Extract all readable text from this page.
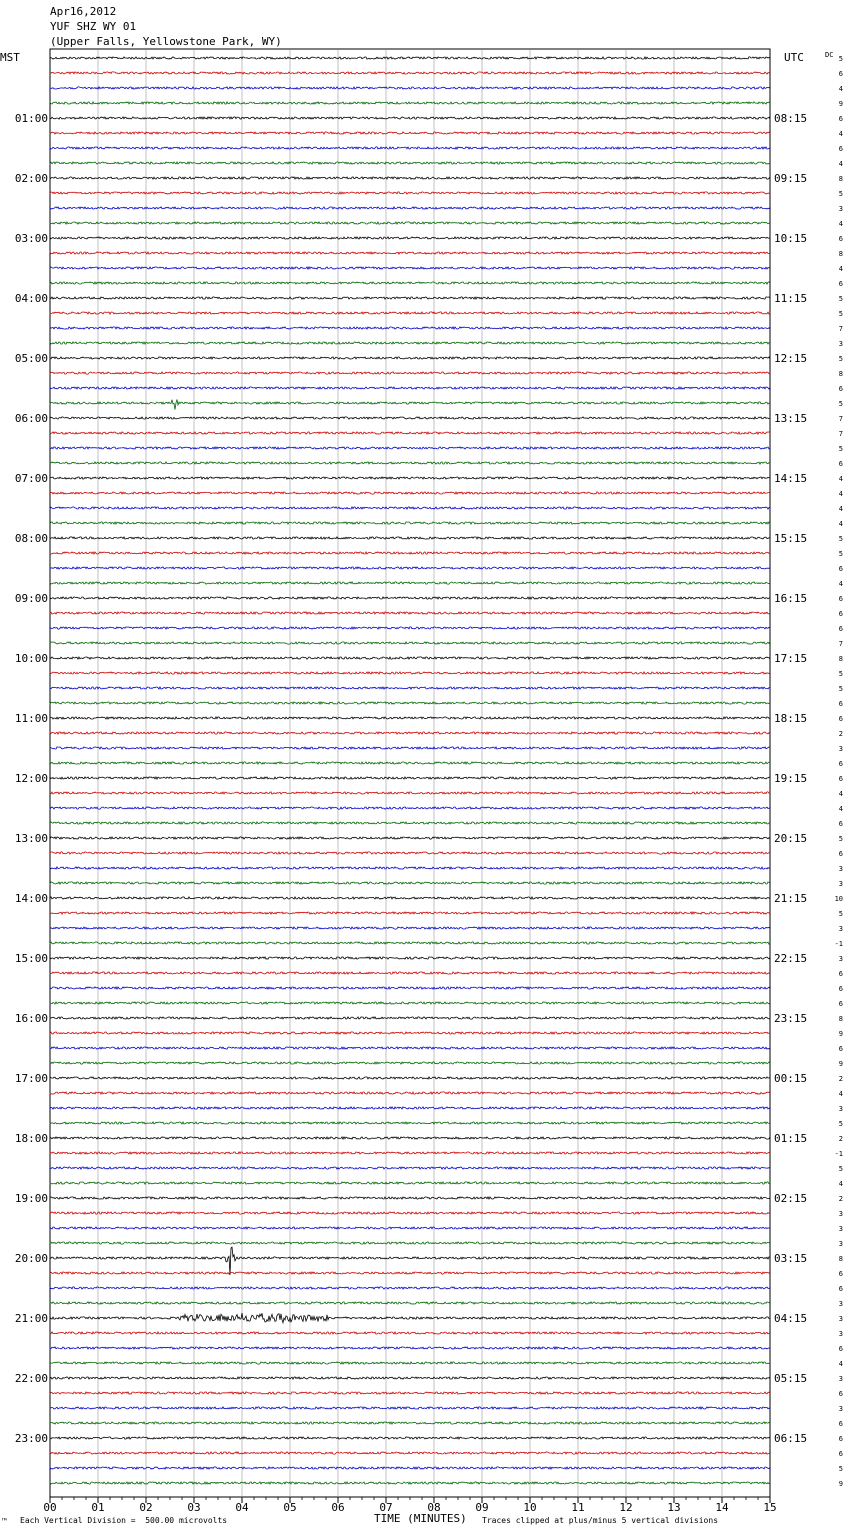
Apr16,2012
YUF SHZ WY 01
(Upper Falls, Yellowstone Park, WY)
5
6
4
9
6
4
6
4
8
5
3
4
6
8
4
6
5
5
7
3
5
8
6
5
7
7
5
6
4
4
4
4
5
5
6
4
6
6
6
7
8
5
5
6
6
2
3
6
6
4
4
6
5
6
3
3
10
5
3
-1
3
6
6
6
8
9
6
9
2
4
3
5
2
-1
5
4
2
3
3
3
8
6
6
3
3
3
6
4
3
6
3
6
6
6
5
9
01:00
02:00
03:00
04:00
05:00
06:00
07:00
08:00
09:00
10:00
11:00
12:00
13:00
14:00
15:00
16:00
17:00
18:00
19:00
20:00
21:00
22:00
23:00
08:15
09:15
10:15
11:15
12:15
13:15
14:15
15:15
16:15
17:15
18:15
19:15
20:15
21:15
22:15
23:15
00:15
01:15
02:15
03:15
04:15
05:15
06:15
MST	UTC	DC
00	01	02	03	04	05	06	07	08	09	10	11	12	13	14	15
™ Each Vertical Division =  500.00 microvolts	TIME (MINUTES) Traces clipped at plus/minus 5 vertical divisions
